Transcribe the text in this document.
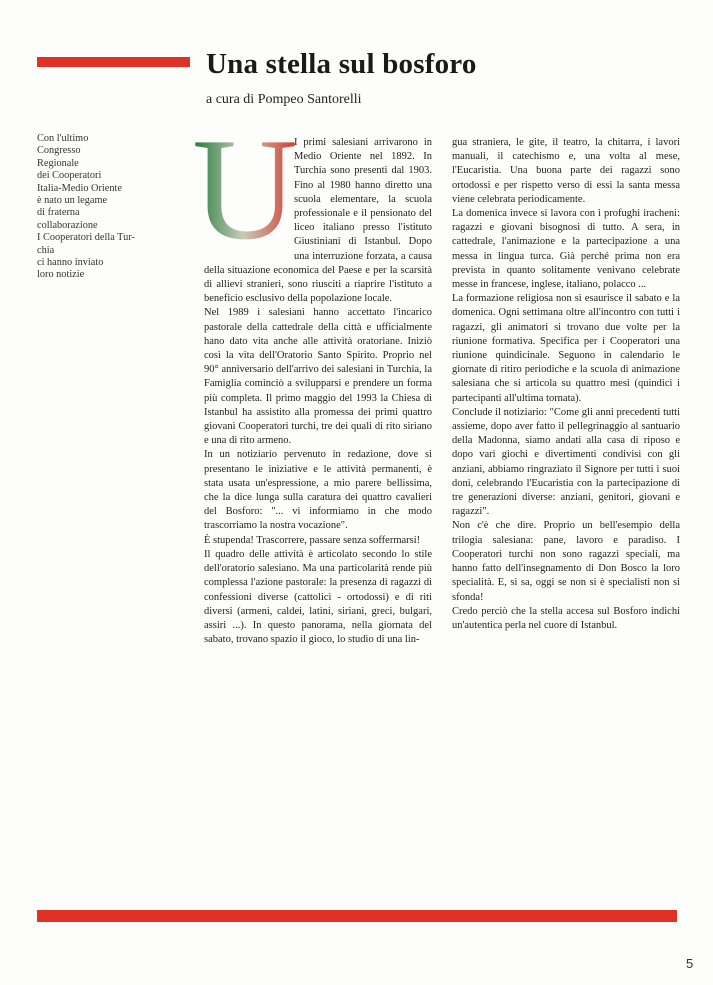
Una stella sul bosforo

a cura di Pompeo Santorelli

Con l'ultimo
Congresso
Regionale
dei Cooperatori
Italia-Medio Oriente
è nato un legame
di fraterna
collaborazione
I Cooperatori della Tur-
chia
ci hanno inviato
loro notizie
U

I primi salesiani arrivarono in Medio Oriente nel 1892. In Turchia sono presenti dal 1903. Fino al 1980 hanno diretto una scuola elementare, la scuola professionale e il pensionato del liceo italiano presso l'istituto Giustiniani di Istanbul. Dopo una interruzione forzata, a causa della situazione economica del Paese e per la scarsità di allievi stranieri, sono riusciti a riaprire l'istituto a beneficio esclusivo della popolazione locale.

Nel 1989 i salesiani hanno accettato l'incarico pastorale della cattedrale della città e ufficialmente hano dato vita anche alle attività oratoriane. Iniziò così la vita dell'Oratorio Santo Spirito. Proprio nel 90° anniversario dell'arrivo dei salesiani in Turchia, la Famiglia cominciò a svilupparsi e prendere un forma più completa. Il primo maggio del 1993 la Chiesa di Istanbul ha assistito alla promessa dei primi quattro giovani Cooperatori turchi, tre dei quali di rito siriano e una di rito armeno.

In un notiziario pervenuto in redazione, dove si presentano le iniziative e le attività permanenti, è stata usata un'espressione, a mio parere bellissima, che la dice lunga sulla caratura dei quattro cavalieri del Bosforo: "... vi informiamo in che modo trascorriamo la nostra vocazione".

È stupenda! Trascorrere, passare senza soffermarsi!

Il quadro delle attività è articolato secondo lo stile dell'oratorio salesiano. Ma una particolarità rende più complessa l'azione pastorale: la presenza di ragazzi di confessioni diverse (cattolici - ortodossi) e di riti diversi (armeni, caldei, latini, siriani, greci, bulgari, assiri ...). In questo panorama, nella giornata del sabato, trovano spazio il gioco, lo studio di una lin-

gua straniera, le gite, il teatro, la chitarra, i lavori manuali, il catechismo e, una volta al mese, l'Eucaristia. Una buona parte dei ragazzi sono ortodossi e per rispetto verso di essi la santa messa viene celebrata periodicamente.

La domenica invece si lavora con i profughi iracheni: ragazzi e giovani bisognosi di tutto. A sera, in cattedrale, l'animazione e la partecipazione a una messa in lingua turca. Già perché prima non era prevista in quanto solitamente venivano celebrate messe in francese, inglese, italiano, polacco ...

La formazione religiosa non si esaurisce il sabato e la domenica. Ogni settimana oltre all'incontro con tutti i ragazzi, gli animatori si trovano due volte per la riunione formativa. Specifica per i Cooperatori una riunione quindicinale. Seguono in calendario le giornate di ritiro periodiche e la scuola di animazione salesiana che si articola su quattro mesi (quindici i partecipanti all'ultima tornata).

Conclude il notiziario: "Come gli anni precedenti tutti assieme, dopo aver fatto il pellegrinaggio al santuario della Madonna, siamo andati alla casa di riposo e dopo vari giochi e divertimenti condivisi con gli anziani, abbiamo ringraziato il Signore per tutti i suoi doni, celebrando l'Eucaristia con la partecipazione di tre generazioni diverse: anziani, genitori, giovani e ragazzi".

Non c'è che dire. Proprio un bell'esempio della trilogia salesiana: pane, lavoro e paradiso. I Cooperatori turchi non sono ragazzi speciali, ma hanno fatto dell'insegnamento di Don Bosco la loro specialità. E, si sa, oggi se non si è specialisti non si sfonda!

Credo perciò che la stella accesa sul Bosforo indichi un'autentica perla nel cuore di Istanbul.

5
